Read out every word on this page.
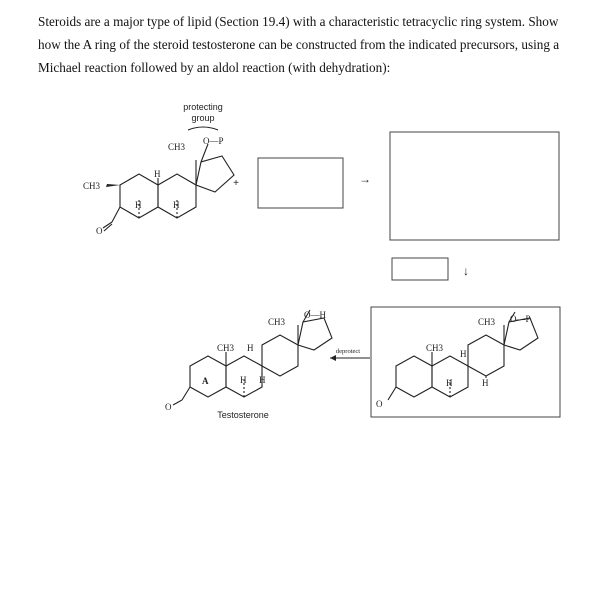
Steroids are a major type of lipid (Section 19.4) with a characteristic tetracyclic ring system. Show how the A ring of the steroid testosterone can be constructed from the indicated precursors, using a Michael reaction followed by an aldol reaction (with dehydration):

protecting
group
O
CH3
CH3
O—P
H
H	H
+	→
↓
O
CH3
CH3
O—H
H
H H
A
Testosterone
deprotect
O
CH3
CH3 O—P
H
H	H
